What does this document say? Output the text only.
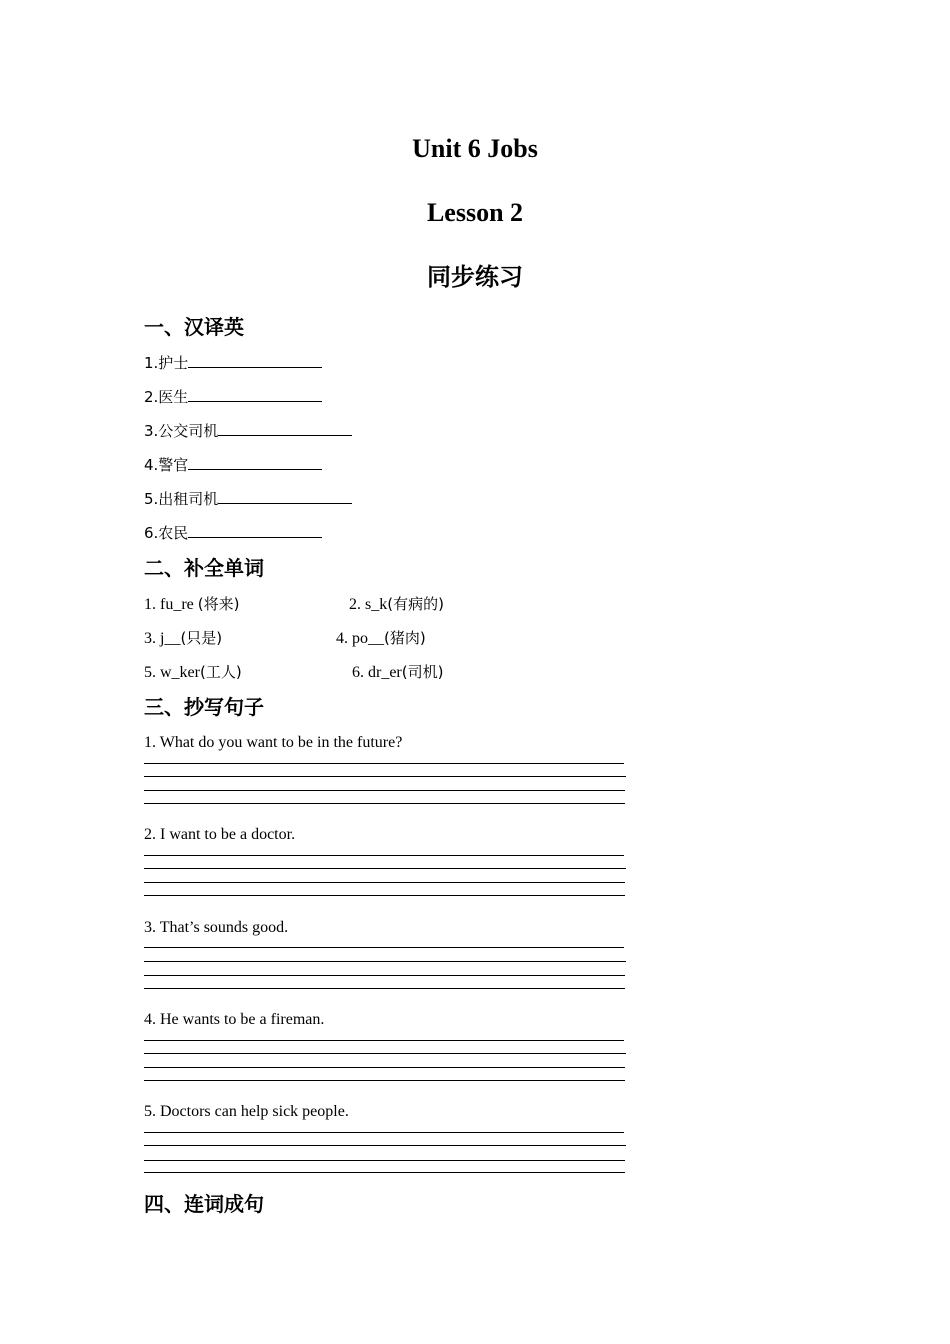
Unit 6 Jobs
Lesson 2
同步练习
一、汉译英
1.护士
2.医生
3.公交司机
4.警官
5.出租司机
6.农民
二、补全单词
1. fu_re (将来)	2. s_k(有病的)
3. j__(只是)	4. po__(猪肉)
5. w_ker(工人)	6. dr_er(司机)
三、抄写句子
1. What do you want to be in the future?
2. I want to be a doctor.
3. That’s sounds good.
4. He wants to be a fireman.
5. Doctors can help sick people.
四、连词成句
